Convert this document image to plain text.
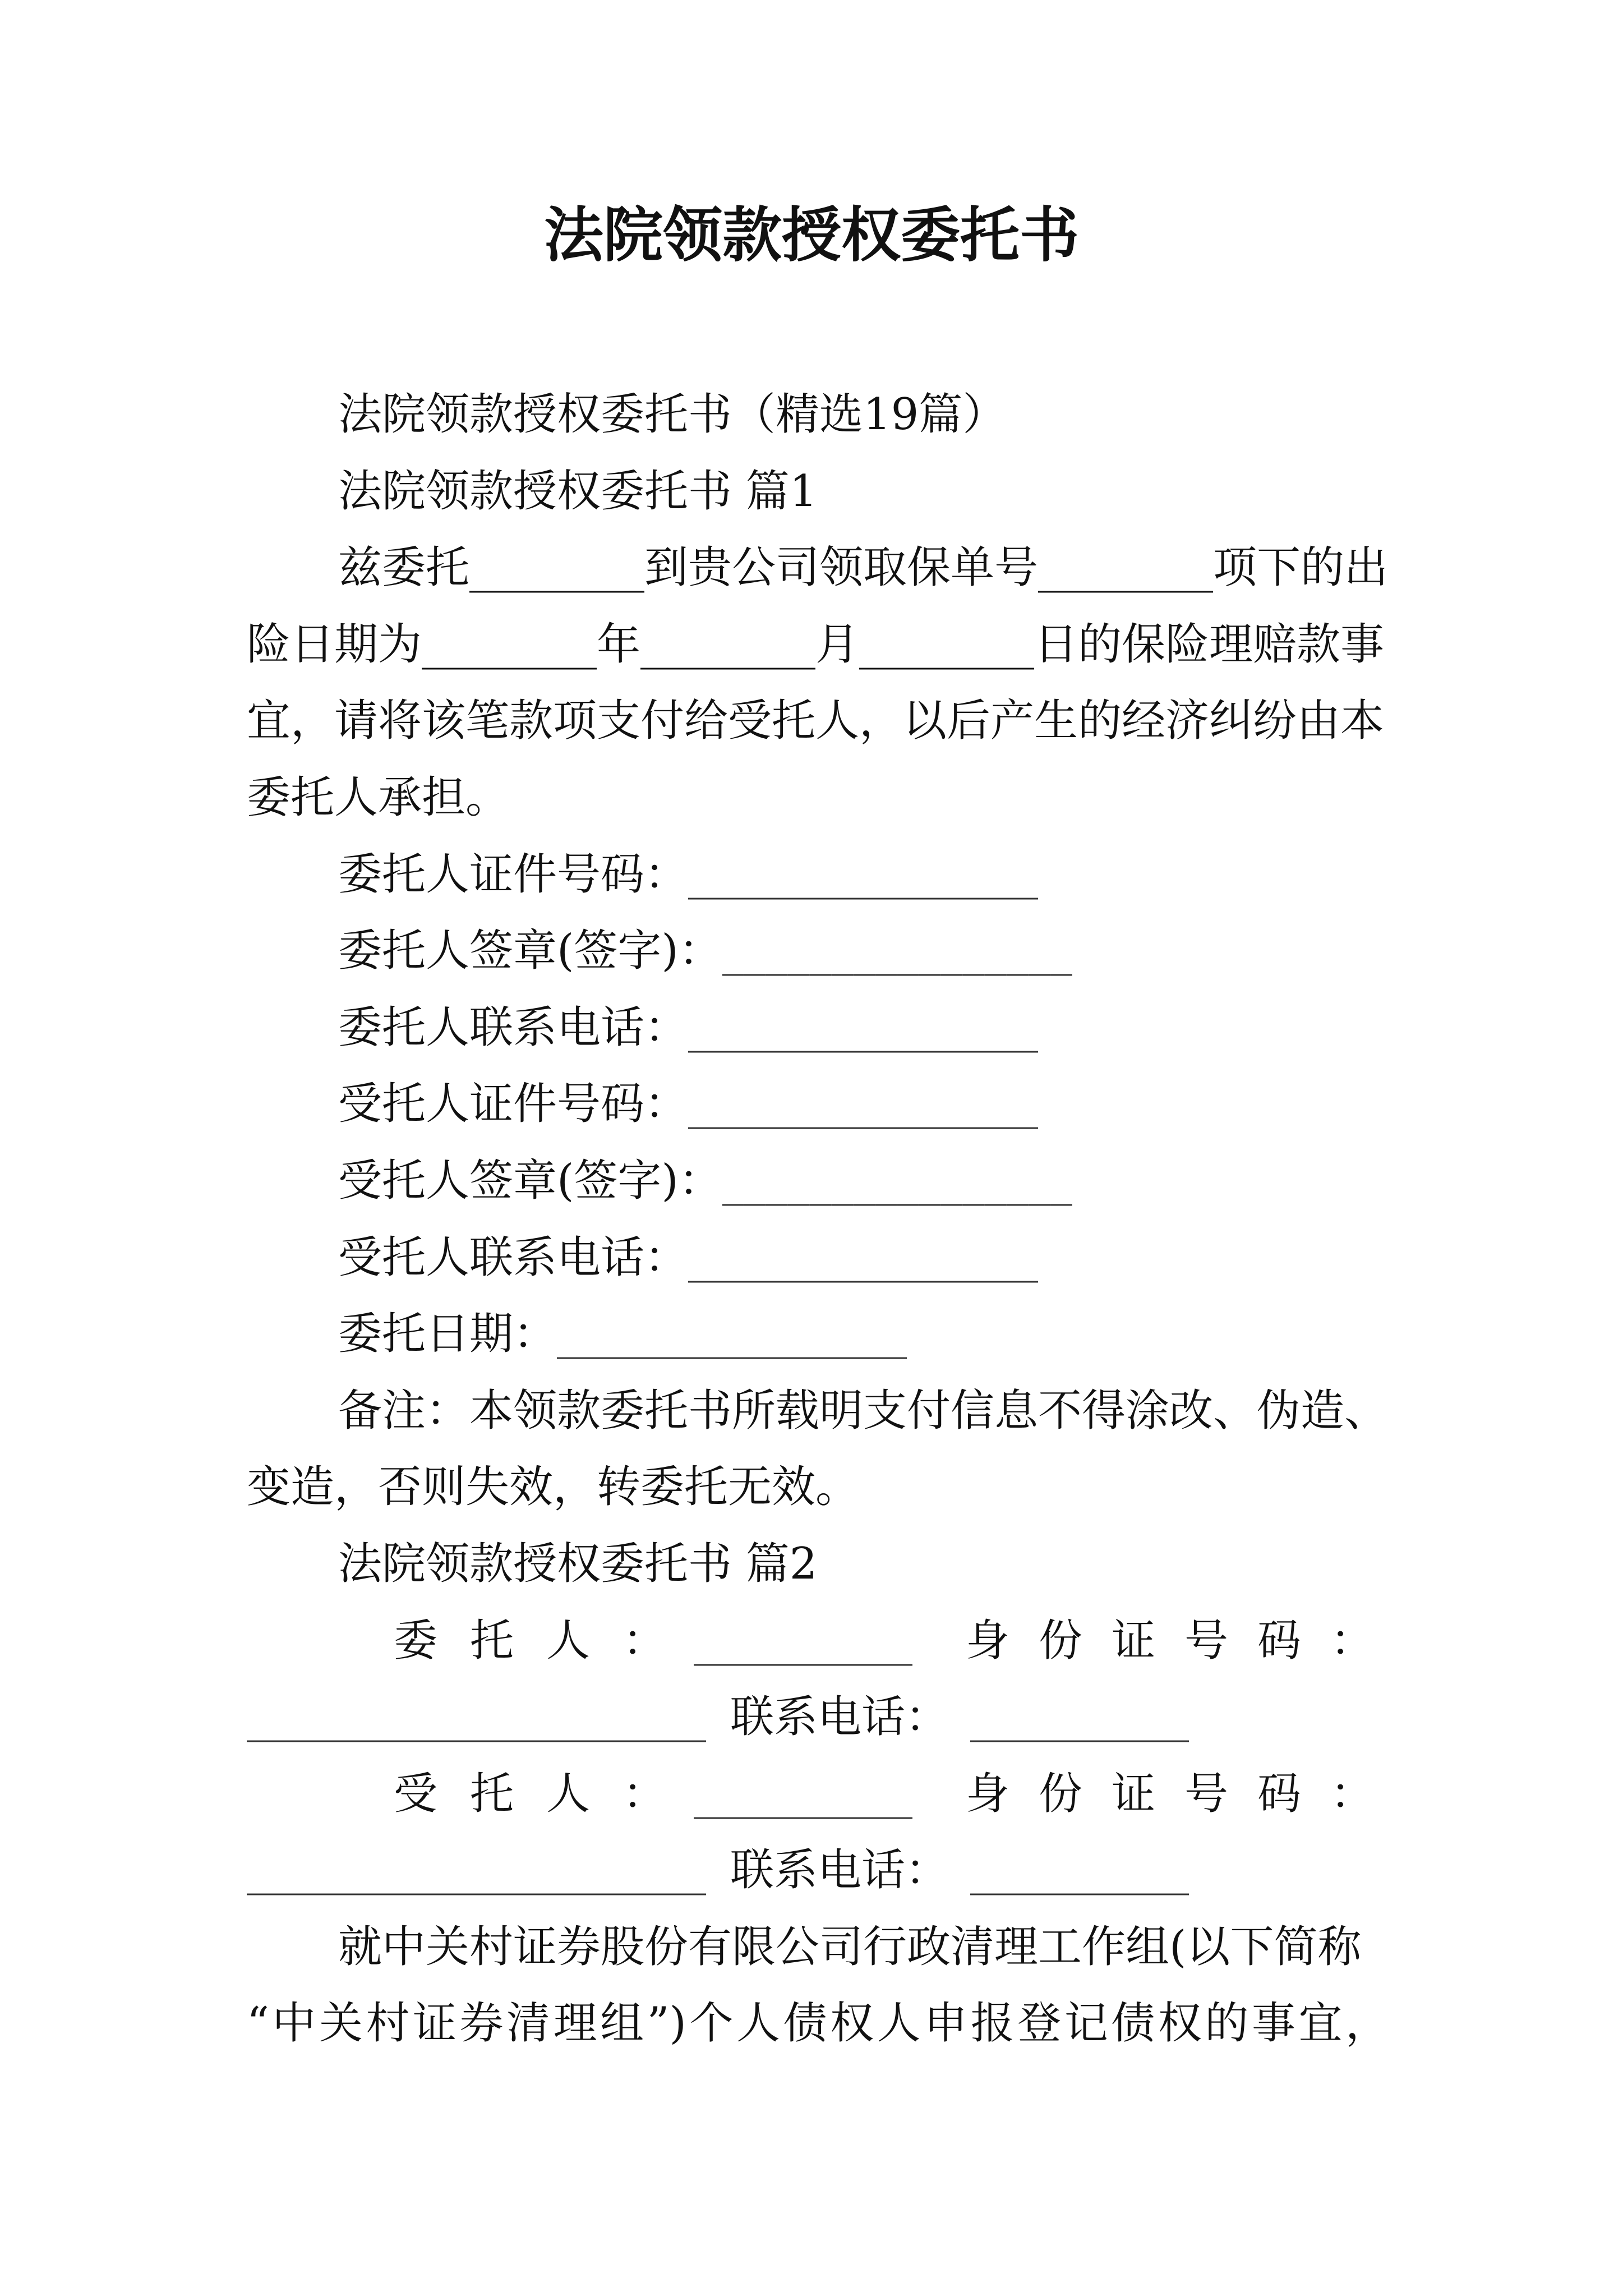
法院领款授权委托书
法院领款授权委托书（精选19篇）
法院领款授权委托书 篇1
兹委托________到贵公司领取保单号________项下的出
险日期为________年________月________日的保险理赔款事
宜，请将该笔款项支付给受托人，以后产生的经济纠纷由本
委托人承担。
委托人证件号码：________________
委托人签章(签字)：________________
委托人联系电话：________________
受托人证件号码：________________
受托人签章(签字)：________________
受托人联系电话：________________
委托日期：________________
备注：本领款委托书所载明支付信息不得涂改、伪造、
变造，否则失效，转委托无效。
法院领款授权委托书 篇2
委托人：
__________ 身份证号码：
_____________________ 联系电话： __________
受托人：
__________ 身份证号码：
_____________________ 联系电话： __________
就中关村证券股份有限公司行政清理工作组(以下简称
“中关村证券清理组”)个人债权人申报登记债权的事宜，
